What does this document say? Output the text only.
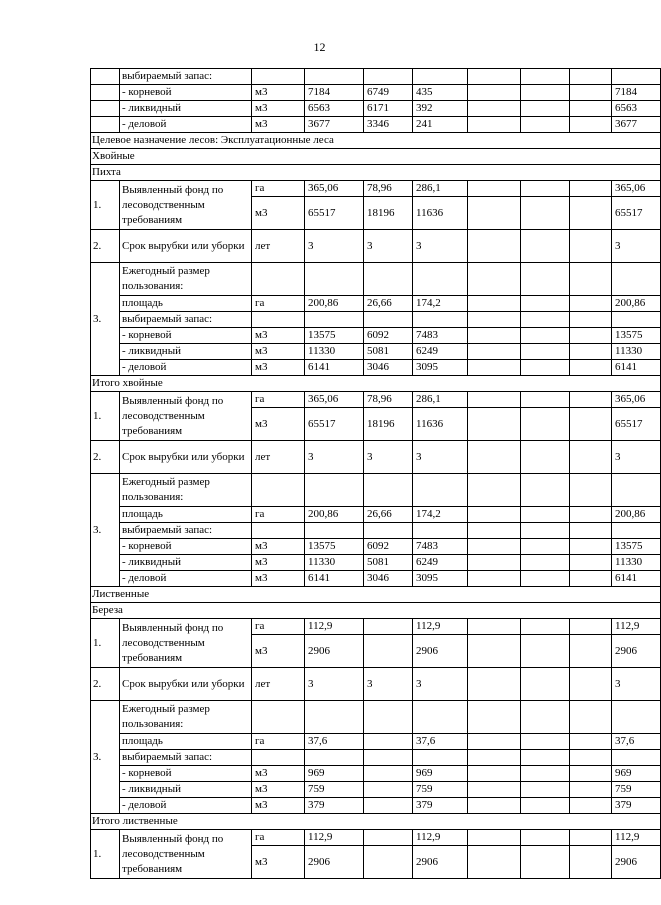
12
	выбираемый запас:								
	- корневой	м3	7184	6749	435				7184
	- ликвидный	м3	6563	6171	392				6563
	- деловой	м3	3677	3346	241				3677
Целевое назначение лесов: Эксплуатационные леса									
Хвойные									
Пихта									
1.	Выявленный фонд по лесоводственным требованиям	га	365,06	78,96	286,1				365,06
		м3	65517	18196	11636				65517
2.	Срок вырубки или уборки	лет	3	3	3				3
3.	Ежегодный размер пользования:								
	площадь	га	200,86	26,66	174,2				200,86
	выбираемый запас:								
	- корневой	м3	13575	6092	7483				13575
	- ликвидный	м3	11330	5081	6249				11330
	- деловой	м3	6141	3046	3095				6141
Итого хвойные									
1.	Выявленный фонд по лесоводственным требованиям	га	365,06	78,96	286,1				365,06
		м3	65517	18196	11636				65517
2.	Срок вырубки или уборки	лет	3	3	3				3
3.	Ежегодный размер пользования:								
	площадь	га	200,86	26,66	174,2				200,86
	выбираемый запас:								
	- корневой	м3	13575	6092	7483				13575
	- ликвидный	м3	11330	5081	6249				11330
	- деловой	м3	6141	3046	3095				6141
Лиственные									
Береза									
1.	Выявленный фонд по лесоводственным требованиям	га	112,9		112,9				112,9
		м3	2906		2906				2906
2.	Срок вырубки или уборки	лет	3	3	3				3
3.	Ежегодный размер пользования:								
	площадь	га	37,6		37,6				37,6
	выбираемый запас:								
	- корневой	м3	969		969				969
	- ликвидный	м3	759		759				759
	- деловой	м3	379		379				379
Итого лиственные									
1.	Выявленный фонд по лесоводственным требованиям	га	112,9		112,9				112,9
		м3	2906		2906				2906
